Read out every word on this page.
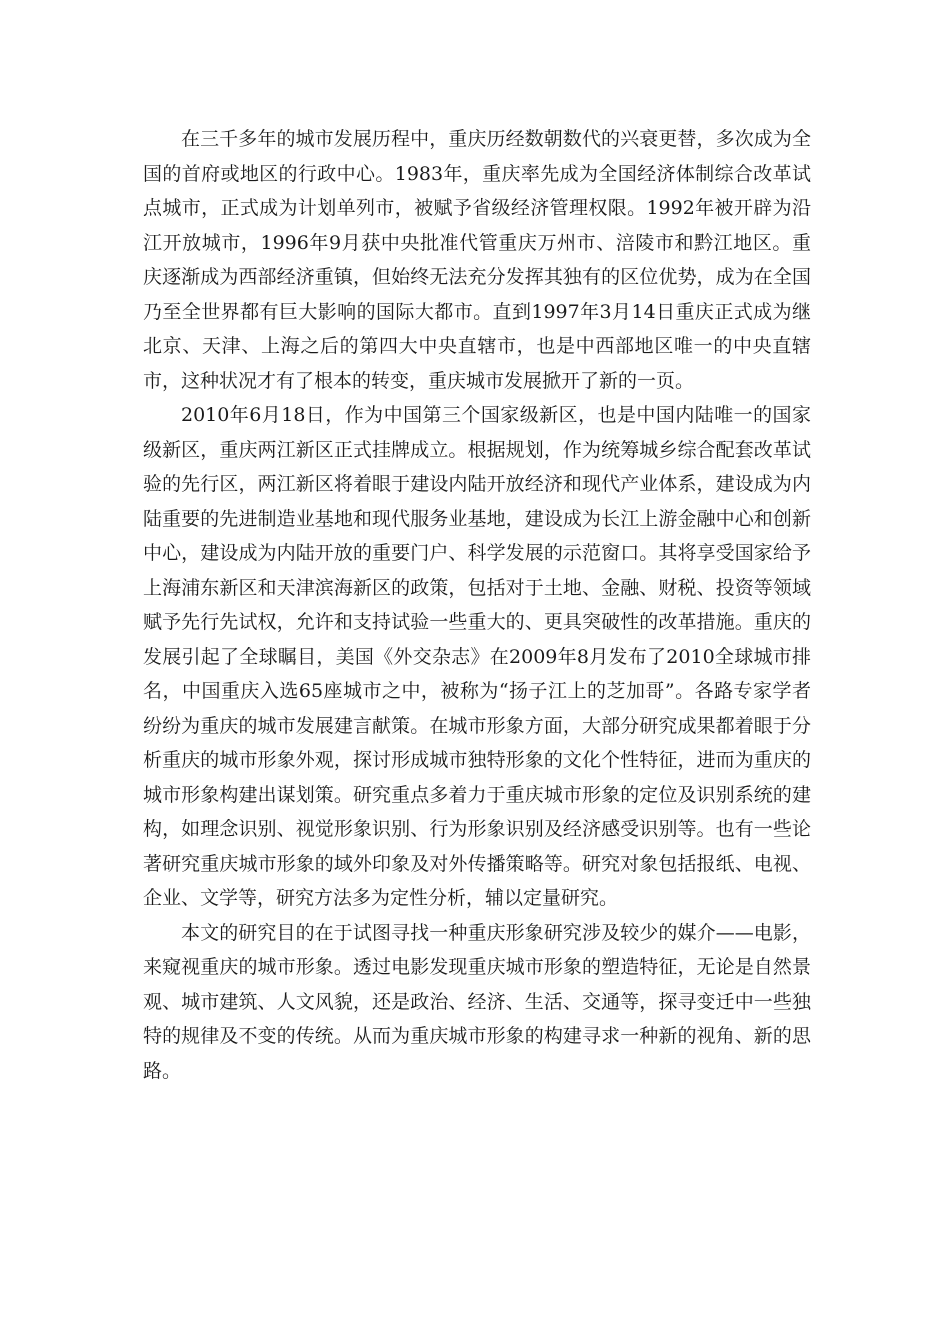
在三千多年的城市发展历程中，重庆历经数朝数代的兴衰更替，多次成为全国的首府或地区的行政中心。1983年，重庆率先成为全国经济体制综合改革试点城市，正式成为计划单列市，被赋予省级经济管理权限。1992年被开辟为沿江开放城市，1996年9月获中央批准代管重庆万州市、涪陵市和黔江地区。重庆逐渐成为西部经济重镇，但始终无法充分发挥其独有的区位优势，成为在全国乃至全世界都有巨大影响的国际大都市。直到1997年3月14日重庆正式成为继北京、天津、上海之后的第四大中央直辖市，也是中西部地区唯一的中央直辖市，这种状况才有了根本的转变，重庆城市发展掀开了新的一页。

2010年6月18日，作为中国第三个国家级新区，也是中国内陆唯一的国家级新区，重庆两江新区正式挂牌成立。根据规划，作为统筹城乡综合配套改革试验的先行区，两江新区将着眼于建设内陆开放经济和现代产业体系，建设成为内陆重要的先进制造业基地和现代服务业基地，建设成为长江上游金融中心和创新中心，建设成为内陆开放的重要门户、科学发展的示范窗口。其将享受国家给予上海浦东新区和天津滨海新区的政策，包括对于土地、金融、财税、投资等领域赋予先行先试权，允许和支持试验一些重大的、更具突破性的改革措施。重庆的发展引起了全球瞩目，美国《外交杂志》在2009年8月发布了2010全球城市排名，中国重庆入选65座城市之中，被称为“扬子江上的芝加哥”。各路专家学者纷纷为重庆的城市发展建言献策。在城市形象方面，大部分研究成果都着眼于分析重庆的城市形象外观，探讨形成城市独特形象的文化个性特征，进而为重庆的城市形象构建出谋划策。研究重点多着力于重庆城市形象的定位及识别系统的建构，如理念识别、视觉形象识别、行为形象识别及经济感受识别等。也有一些论著研究重庆城市形象的域外印象及对外传播策略等。研究对象包括报纸、电视、企业、文学等，研究方法多为定性分析，辅以定量研究。

本文的研究目的在于试图寻找一种重庆形象研究涉及较少的媒介——电影，来窥视重庆的城市形象。透过电影发现重庆城市形象的塑造特征，无论是自然景观、城市建筑、人文风貌，还是政治、经济、生活、交通等，探寻变迁中一些独特的规律及不变的传统。从而为重庆城市形象的构建寻求一种新的视角、新的思路。
